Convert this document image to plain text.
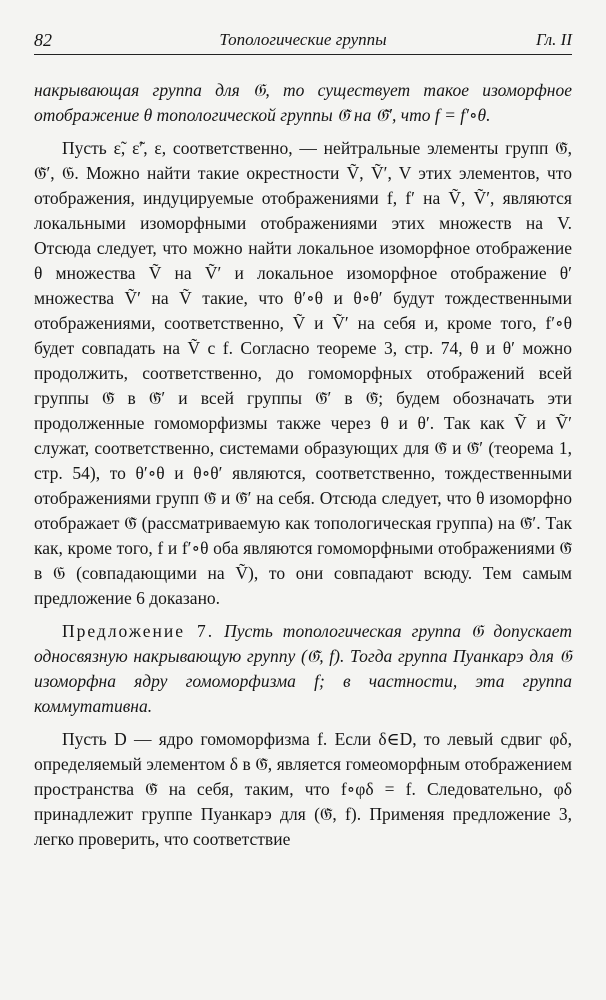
82	Топологические группы	Гл. II

накрывающая группа для 𝔊, то существует такое изоморфное отображение θ топологической группы 𝔊̃ на 𝔊̃′, что f = f′∘θ.

Пусть ε̃, ε̃′, ε, соответственно, — нейтральные элементы групп 𝔊̃, 𝔊̃′, 𝔊. Можно найти такие окрестности Ṽ, Ṽ′, V этих элементов, что отображения, индуцируемые отображениями f, f′ на Ṽ, Ṽ′, являются локальными изоморфными отображениями этих множеств на V. Отсюда следует, что можно найти локальное изоморфное отображение θ множества Ṽ на Ṽ′ и локальное изоморфное отображение θ′ множества Ṽ′ на Ṽ такие, что θ′∘θ и θ∘θ′ будут тождественными отображениями, соответственно, Ṽ и Ṽ′ на себя и, кроме того, f′∘θ будет совпадать на Ṽ с f. Согласно теореме 3, стр. 74, θ и θ′ можно продолжить, соответственно, до гомоморфных отображений всей группы 𝔊̃ в 𝔊̃′ и всей группы 𝔊̃′ в 𝔊̃; будем обозначать эти продолженные гомоморфизмы также через θ и θ′. Так как Ṽ и Ṽ′ служат, соответственно, системами образующих для 𝔊̃ и 𝔊̃′ (теорема 1, стр. 54), то θ′∘θ и θ∘θ′ являются, соответственно, тождественными отображениями групп 𝔊̃ и 𝔊̃′ на себя. Отсюда следует, что θ изоморфно отображает 𝔊̃ (рассматриваемую как топологическая группа) на 𝔊̃′. Так как, кроме того, f и f′∘θ оба являются гомоморфными отображениями 𝔊̃ в 𝔊 (совпадающими на Ṽ), то они совпадают всюду. Тем самым предложение 6 доказано.

Предложение 7. Пусть топологическая группа 𝔊 допускает односвязную накрывающую группу (𝔊̃, f). Тогда группа Пуанкарэ для 𝔊 изоморфна ядру гомоморфизма f; в частности, эта группа коммутативна.

Пусть D — ядро гомоморфизма f. Если δ∈D, то левый сдвиг φδ, определяемый элементом δ в 𝔊̃, является гомеоморфным отображением пространства 𝔊̃ на себя, таким, что f∘φδ = f. Следовательно, φδ принадлежит группе Пуанкарэ для (𝔊̃, f). Применяя предложение 3, легко проверить, что соответствие
